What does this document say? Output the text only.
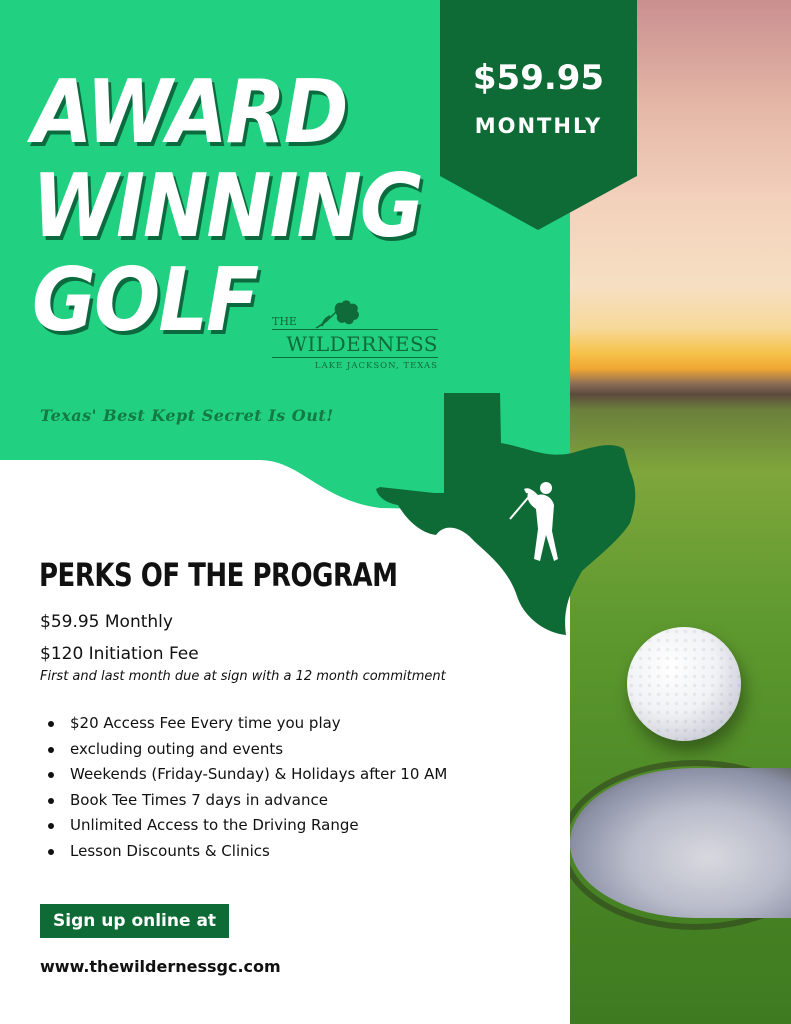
AWARD
WINNING
GOLF
$59.95
MONTHLY
THE
WILDERNESS
LAKE JACKSON, TEXAS
Texas' Best Kept Secret Is Out!
PERKS OF THE PROGRAM
$59.95 Monthly
$120 Initiation Fee
First and last month due at sign with a 12 month commitment
$20 Access Fee Every time you play
excluding outing and events
Weekends (Friday-Sunday) & Holidays after 10 AM
Book Tee Times 7 days in advance
Unlimited Access to the Driving Range
Lesson Discounts & Clinics
Sign up online at
www.thewildernessgc.com
